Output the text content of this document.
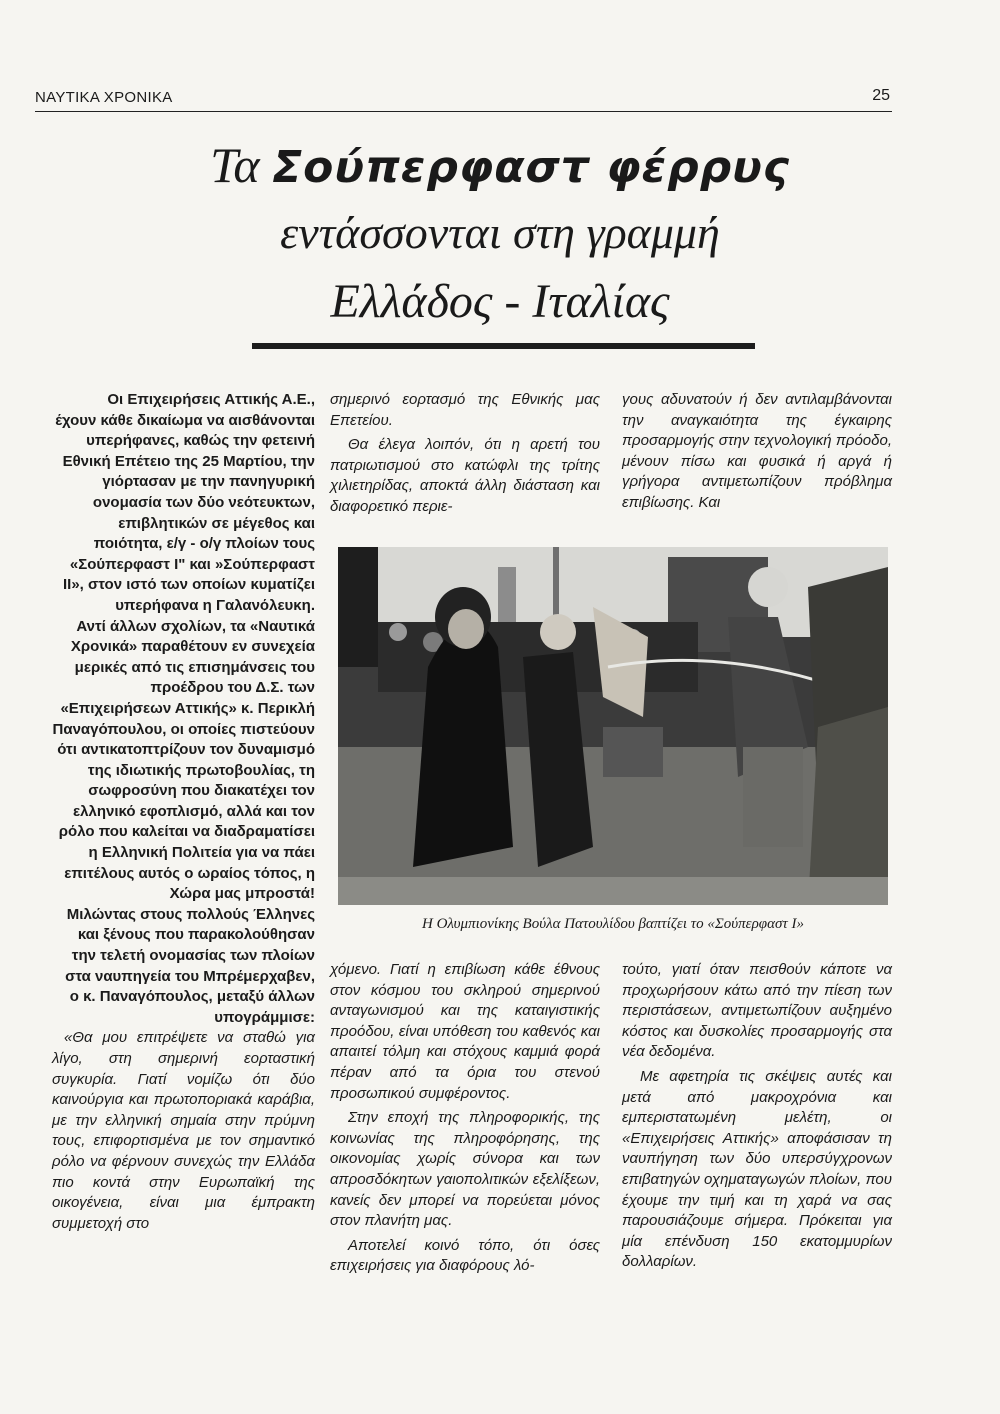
ΝΑΥΤΙΚΑ ΧΡΟΝΙΚΑ	25
Τα Σούπερφαστ φέρρυς
εντάσσονται στη γραμμή
Ελλάδος - Ιταλίας

Οι Επιχειρήσεις Αττικής Α.Ε., έχουν κάθε δικαίωμα να αισθάνονται υπερήφανες, καθώς την φετεινή Εθνική Επέτειο της 25 Μαρτίου, την γιόρτασαν με την πανηγυρική ονομασία των δύο νεότευκτων, επιβλητικών σε μέγεθος και ποιότητα, ε/γ - ο/γ πλοίων τους «Σούπερφαστ Ι" και »Σούπερφαστ ΙΙ», στον ιστό των οποίων κυματίζει υπερήφανα η Γαλανόλευκη.

Αντί άλλων σχολίων, τα «Ναυτικά Χρονικά» παραθέτουν εν συνεχεία μερικές από τις επισημάνσεις του προέδρου του Δ.Σ. των «Επιχειρήσεων Αττικής» κ. Περικλή Παναγόπουλου, οι οποίες πιστεύουν ότι αντικατοπτρίζουν τον δυναμισμό της ιδιωτικής πρωτοβουλίας, τη σωφροσύνη που διακατέχει τον ελληνικό εφοπλισμό, αλλά και τον ρόλο που καλείται να διαδραματίσει η Ελληνική Πολιτεία για να πάει επιτέλους αυτός ο ωραίος τόπος, η Χώρα μας μπροστά!

Μιλώντας στους πολλούς Έλληνες και ξένους που παρακολούθησαν την τελετή ονομασίας των πλοίων στα ναυπηγεία του Μπρέμερχαβεν, ο κ. Παναγόπουλος, μεταξύ άλλων υπογράμμισε:

«Θα μου επιτρέψετε να σταθώ για λίγο, στη σημερινή εορταστική συγκυρία. Γιατί νομίζω ότι δύο καινούργια και πρωτοποριακά καράβια, με την ελληνική σημαία στην πρύμνη τους, επιφορτισμένα με τον σημαντικό ρόλο να φέρνουν συνεχώς την Ελλάδα πιο κοντά στην Ευρωπαϊκή της οικογένεια, είναι μια έμπρακτη συμμετοχή στο

σημερινό εορτασμό της Εθνικής μας Επετείου.

Θα έλεγα λοιπόν, ότι η αρετή του πατριωτισμού στο κατώφλι της τρίτης χιλιετηρίδας, αποκτά άλλη διάσταση και διαφορετικό περιε-

γους αδυνατούν ή δεν αντιλαμβάνονται την αναγκαιότητα της έγκαιρης προσαρμογής στην τεχνολογική πρόοδο, μένουν πίσω και φυσικά ή αργά ή γρήγορα αντιμετωπίζουν πρόβλημα επιβίωσης. Και

Η Ολυμπιονίκης Βούλα Πατουλίδου βαπτίζει το «Σούπερφαστ Ι»

χόμενο. Γιατί η επιβίωση κάθε έθνους στον κόσμου του σκληρού σημερινού ανταγωνισμού και της καταιγιστικής προόδου, είναι υπόθεση του καθενός και απαιτεί τόλμη και στόχους καμμιά φορά πέραν από τα όρια του στενού προσωπικού συμφέροντος.

Στην εποχή της πληροφορικής, της κοινωνίας της πληροφόρησης, της οικονομίας χωρίς σύνορα και των απροσδόκητων γαιοπολιτικών εξελίξεων, κανείς δεν μπορεί να πορεύεται μόνος στον πλανήτη μας.

Αποτελεί κοινό τόπο, ότι όσες επιχειρήσεις για διαφόρους λό-

τούτο, γιατί όταν πεισθούν κάποτε να προχωρήσουν κάτω από την πίεση των περιστάσεων, αντιμετωπίζουν αυξημένο κόστος και δυσκολίες προσαρμογής στα νέα δεδομένα.

Με αφετηρία τις σκέψεις αυτές και μετά από μακροχρόνια και εμπεριστατωμένη μελέτη, οι «Επιχειρήσεις Αττικής» αποφάσισαν τη ναυπήγηση των δύο υπερσύγχρονων επιβατηγών οχηματαγωγών πλοίων, που έχουμε την τιμή και τη χαρά να σας παρουσιάζουμε σήμερα. Πρόκειται για μία επένδυση 150 εκατομμυρίων δολλαρίων.
